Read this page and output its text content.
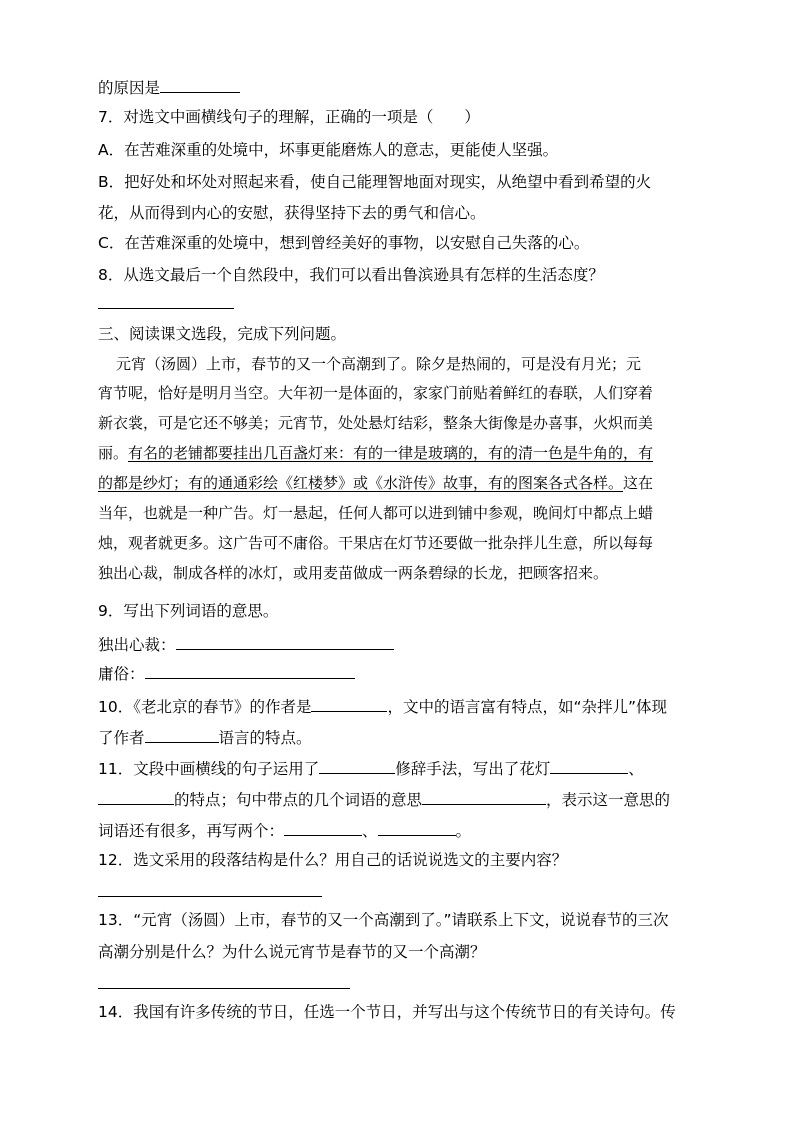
的原因是
7．对选文中画横线句子的理解，正确的一项是（　　）
A．在苦难深重的处境中，坏事更能磨炼人的意志，更能使人坚强。
B．把好处和坏处对照起来看，使自己能理智地面对现实，从绝望中看到希望的火
花，从而得到内心的安慰，获得坚持下去的勇气和信心。
C．在苦难深重的处境中，想到曾经美好的事物，以安慰自己失落的心。
8．从选文最后一个自然段中，我们可以看出鲁滨逊具有怎样的生活态度？
三、阅读课文选段，完成下列问题。
元宵（汤圆）上市，春节的又一个高潮到了。除夕是热闹的，可是没有月光；元
宵节呢，恰好是明月当空。大年初一是体面的，家家门前贴着鲜红的春联，人们穿着
新衣裳，可是它还不够美；元宵节，处处悬灯结彩，整条大街像是办喜事，火炽而美
丽。有名的老铺都要挂出几百盏灯来：有的一律是玻璃的，有的清一色是牛角的，有
的都是纱灯；有的通通彩绘《红楼梦》或《水浒传》故事，有的图案各式各样。这在
当年，也就是一种广告。灯一悬起，任何人都可以进到铺中参观，晚间灯中都点上蜡
烛，观者就更多。这广告可不庸俗。干果店在灯节还要做一批杂拌儿生意，所以每每
独出心裁，制成各样的冰灯，或用麦苗做成一两条碧绿的长龙，把顾客招来。
9．写出下列词语的意思。
独出心裁：
庸俗：
10．《老北京的春节》的作者是	，文中的语言富有特点，如“杂拌儿”体现
了作者	语言的特点。
11．文段中画横线的句子运用了	修辞手法，写出了花灯	、
的特点；句中带点的几个词语的意思	，表示这一意思的
词语还有很多，再写两个：	、	。
12．选文采用的段落结构是什么？用自己的话说说选文的主要内容？
13．“元宵（汤圆）上市，春节的又一个高潮到了。”请联系上下文，说说春节的三次
高潮分别是什么？为什么说元宵节是春节的又一个高潮？
14．我国有许多传统的节日，任选一个节日，并写出与这个传统节日的有关诗句。传
